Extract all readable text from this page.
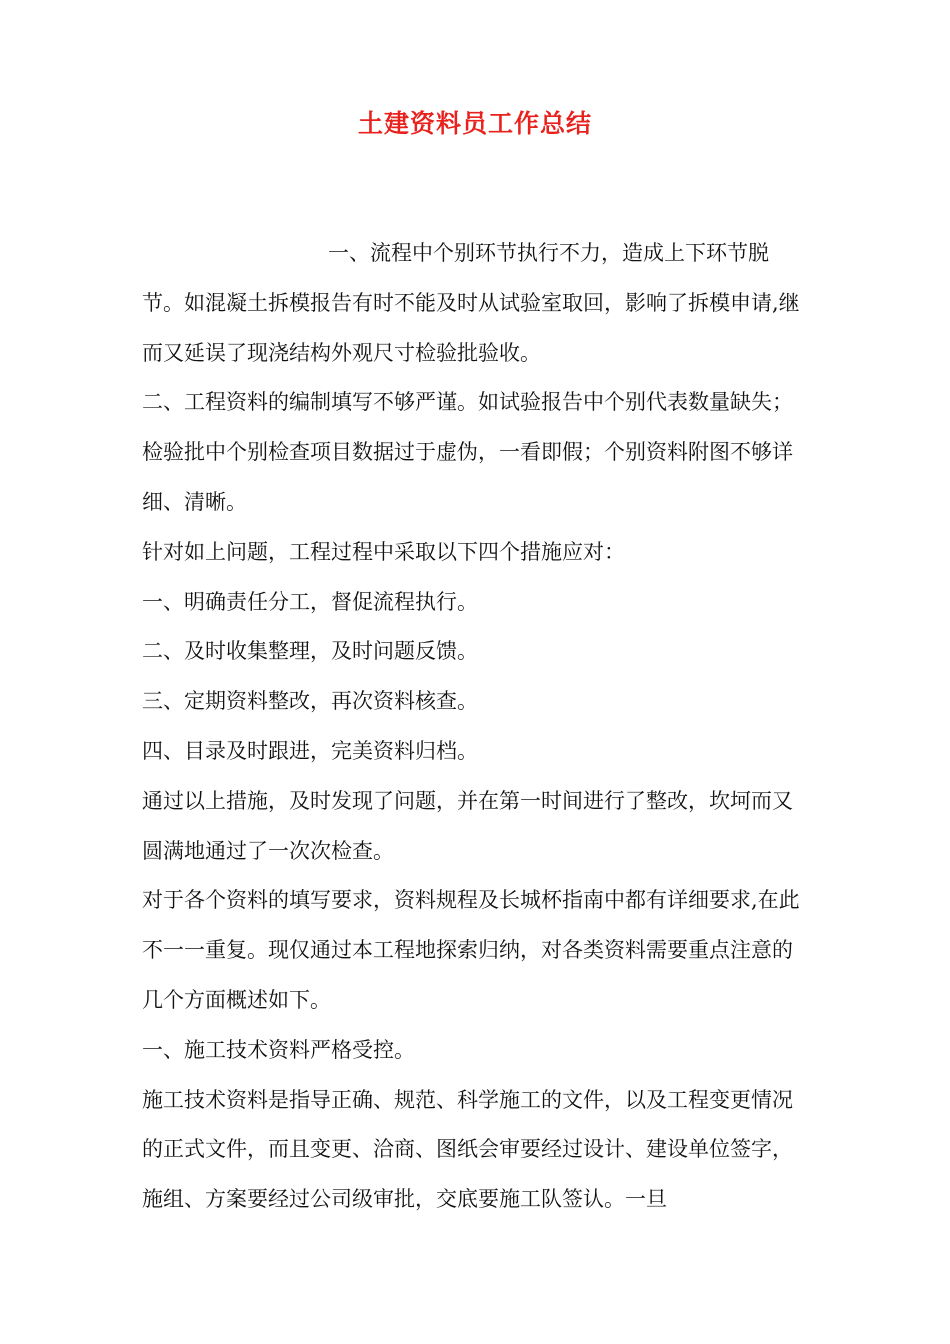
土建资料员工作总结

一、流程中个别环节执行不力，造成上下环节脱节。如混凝土拆模报告有时不能及时从试验室取回，影响了拆模申请,继而又延误了现浇结构外观尺寸检验批验收。

二、工程资料的编制填写不够严谨。如试验报告中个别代表数量缺失；检验批中个别检查项目数据过于虚伪，一看即假；个别资料附图不够详细、清晰。

针对如上问题，工程过程中采取以下四个措施应对：

一、明确责任分工，督促流程执行。

二、及时收集整理，及时问题反馈。

三、定期资料整改，再次资料核查。

四、目录及时跟进，完美资料归档。

通过以上措施，及时发现了问题，并在第一时间进行了整改，坎坷而又圆满地通过了一次次检查。

对于各个资料的填写要求，资料规程及长城杯指南中都有详细要求,在此不一一重复。现仅通过本工程地探索归纳，对各类资料需要重点注意的几个方面概述如下。

一、施工技术资料严格受控。

施工技术资料是指导正确、规范、科学施工的文件，以及工程变更情况的正式文件，而且变更、洽商、图纸会审要经过设计、建设单位签字，施组、方案要经过公司级审批，交底要施工队签认。一旦
